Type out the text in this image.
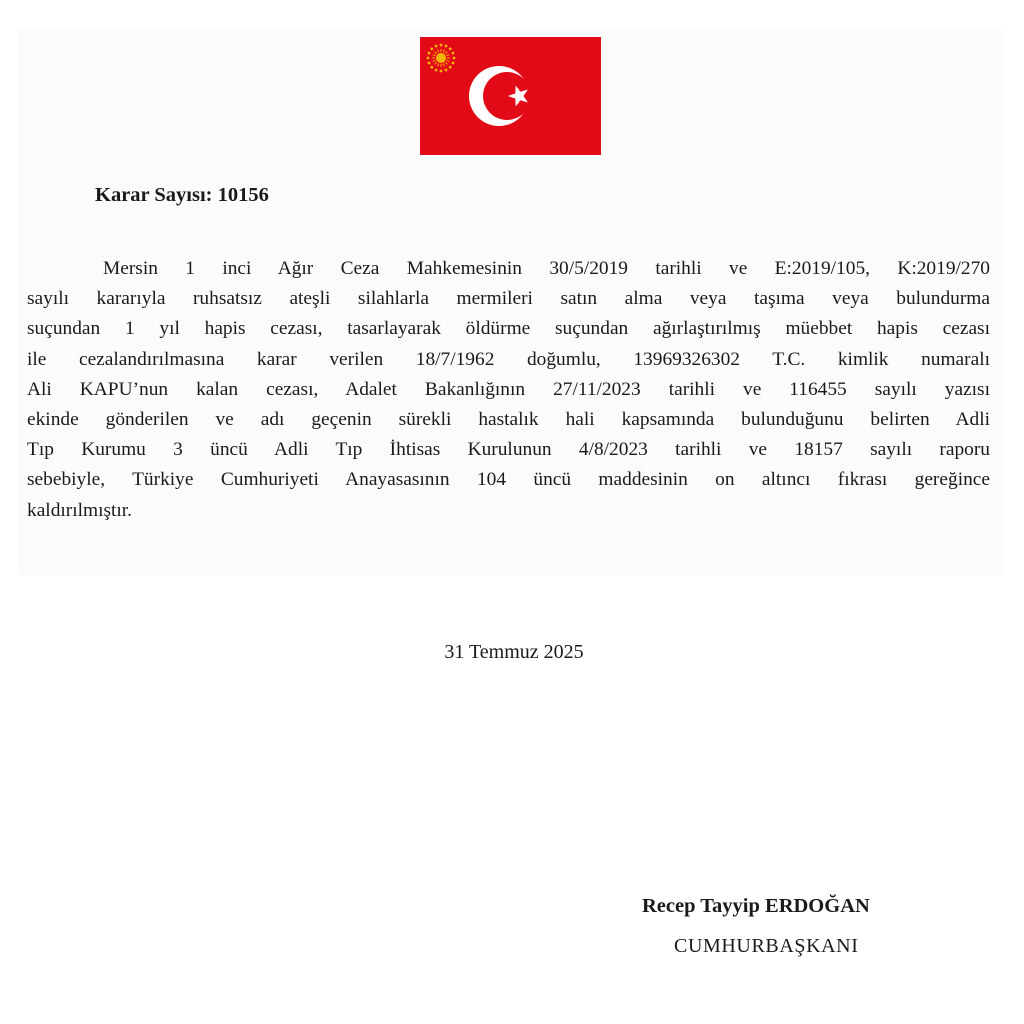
Karar Sayısı: 10156
Mersin 1 inci Ağır Ceza Mahkemesinin 30/5/2019 tarihli ve E:2019/105, K:2019/270
sayılı kararıyla ruhsatsız ateşli silahlarla mermileri satın alma veya taşıma veya bulundurma
suçundan 1 yıl hapis cezası, tasarlayarak öldürme suçundan ağırlaştırılmış müebbet hapis cezası
ile cezalandırılmasına karar verilen 18/7/1962 doğumlu, 13969326302 T.C. kimlik numaralı
Ali KAPU’nun kalan cezası, Adalet Bakanlığının 27/11/2023 tarihli ve 116455 sayılı yazısı
ekinde gönderilen ve adı geçenin sürekli hastalık hali kapsamında bulunduğunu belirten Adli
Tıp Kurumu 3 üncü Adli Tıp İhtisas Kurulunun 4/8/2023 tarihli ve 18157 sayılı raporu
sebebiyle, Türkiye Cumhuriyeti Anayasasının 104 üncü maddesinin on altıncı fıkrası gereğince
kaldırılmıştır.
31 Temmuz 2025
Recep Tayyip ERDOĞAN
CUMHURBAŞKANI
